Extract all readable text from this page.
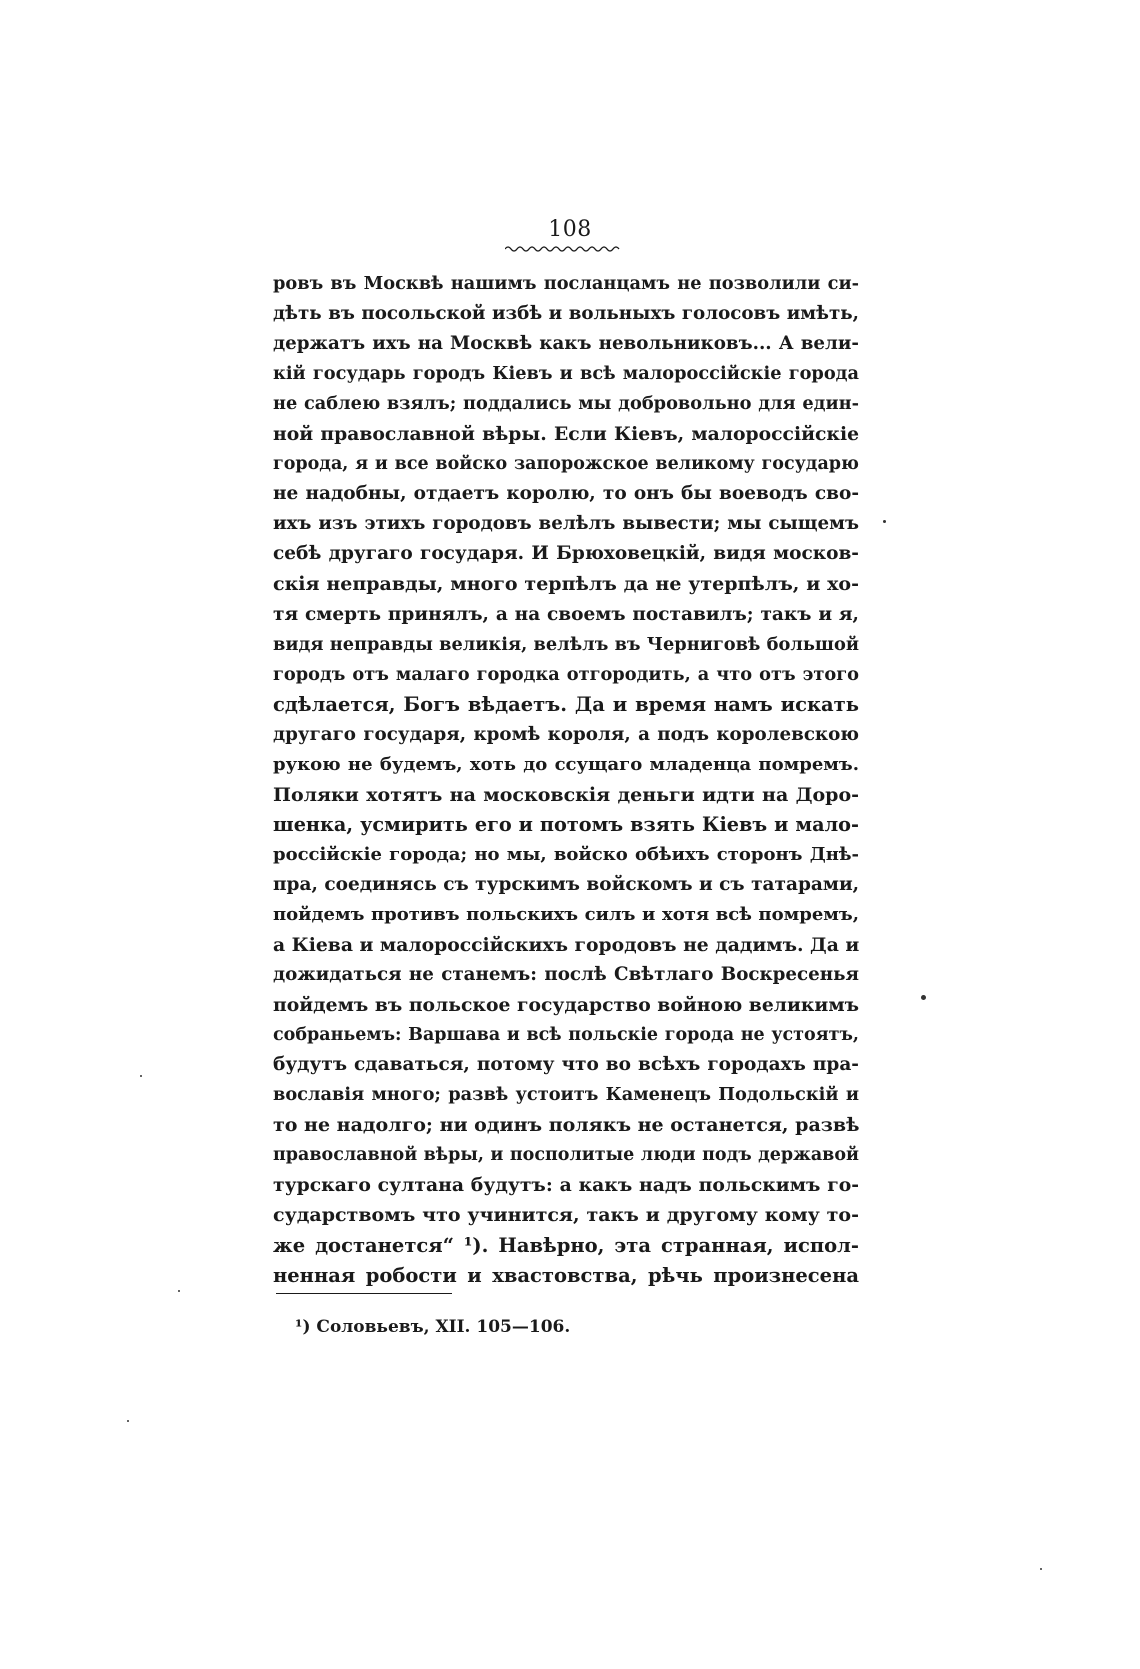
108
ровъ въ Москвѣ нашимъ посланцамъ не позволили си-
дѣть въ посольской избѣ и вольныхъ голосовъ имѣть,
держатъ ихъ на Москвѣ какъ невольниковъ... А вели-
кій государь городъ Кіевъ и всѣ малороссійскіе города
не саблею взялъ; поддались мы добровольно для един-
ной православной вѣры. Если Кіевъ, малороссійскіе
города, я и все войско запорожское великому государю
не надобны, отдаетъ королю, то онъ бы воеводъ сво-
ихъ изъ этихъ городовъ велѣлъ вывести; мы сыщемъ
себѣ другаго государя. И Брюховецкій, видя москов-
скія неправды, много терпѣлъ да не утерпѣлъ, и хо-
тя смерть принялъ, а на своемъ поставилъ; такъ и я,
видя неправды великія, велѣлъ въ Черниговѣ большой
городъ отъ малаго городка отгородить, а что отъ этого
сдѣлается, Богъ вѣдаетъ. Да и время намъ искать
другаго государя, кромѣ короля, а подъ королевскою
рукою не будемъ, хоть до ссущаго младенца помремъ.
Поляки хотятъ на московскія деньги идти на Доро-
шенка, усмирить его и потомъ взять Кіевъ и мало-
россійскіе города; но мы, войско обѣихъ сторонъ Днѣ-
пра, соединясь съ турскимъ войскомъ и съ татарами,
пойдемъ противъ польскихъ силъ и хотя всѣ помремъ,
а Кіева и малороссійскихъ городовъ не дадимъ. Да и
дожидаться не станемъ: послѣ Свѣтлаго Воскресенья
пойдемъ въ польское государство войною великимъ
собраньемъ: Варшава и всѣ польскіе города не устоятъ,
будутъ сдаваться, потому что во всѣхъ городахъ пра-
вославія много; развѣ устоитъ Каменецъ Подольскій и
то не надолго; ни одинъ полякъ не останется, развѣ
православной вѣры, и посполитые люди подъ державой
турскаго султана будутъ: а какъ надъ польскимъ го-
сударствомъ что учинится, такъ и другому кому то-
же достанется“ ¹). Навѣрно, эта странная, испол-
ненная робости и хвастовства, рѣчь произнесена
¹) Соловьевъ, XII. 105—106.
